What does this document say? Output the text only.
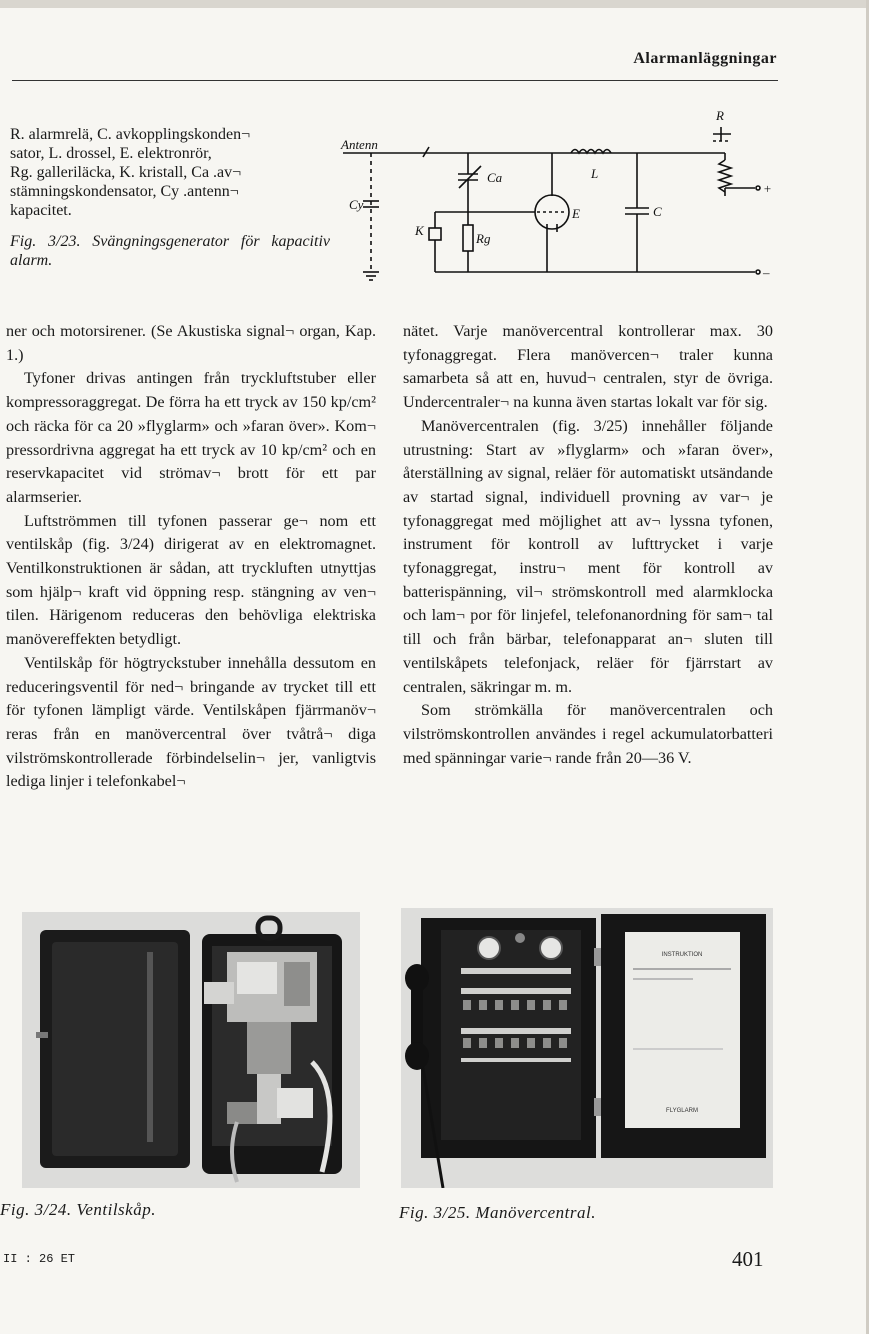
Alarmanläggningar

R. alarmrelä, C. avkopplingskonden¬

sator, L. drossel, E. elektronrör,

Rg. galleriläcka, K. kristall, Ca .av¬

stämningskondensator, Cy .antenn¬

kapacitet.

Fig. 3/23. Svängningsgenerator för kapacitiv alarm.

Antenn
Cy
K
Ca
Rg
L
E	C
R
+
–

ner och motorsirener. (Se Akustiska signal¬ organ, Kap. 1.)

Tyfoner drivas antingen från tryckluftstuber eller kompressoraggregat. De förra ha ett tryck av 150 kp/cm² och räcka för ca 20 »flyglarm» och »faran över». Kom¬ pressordrivna aggregat ha ett tryck av 10 kp/cm² och en reservkapacitet vid strömav¬ brott för ett par alarmserier.

Luftströmmen till tyfonen passerar ge¬ nom ett ventilskåp (fig. 3/24) dirigerat av en elektromagnet. Ventilkonstruktionen är sådan, att tryckluften utnyttjas som hjälp¬ kraft vid öppning resp. stängning av ven¬ tilen. Härigenom reduceras den behövliga elektriska manövereffekten betydligt.

Ventilskåp för högtryckstuber innehålla dessutom en reduceringsventil för ned¬ bringande av trycket till ett för tyfonen lämpligt värde. Ventilskåpen fjärrmanöv¬ reras från en manövercentral över tvåtrå¬ diga vilströmskontrollerade förbindelselin¬ jer, vanligtvis lediga linjer i telefonkabel¬

nätet. Varje manövercentral kontrollerar max. 30 tyfonaggregat. Flera manövercen¬ traler kunna samarbeta så att en, huvud¬ centralen, styr de övriga. Undercentraler¬ na kunna även startas lokalt var för sig.

Manövercentralen (fig. 3/25) innehåller följande utrustning: Start av »flyglarm» och »faran över», återställning av signal, reläer för automatiskt utsändande av startad signal, individuell provning av var¬ je tyfonaggregat med möjlighet att av¬ lyssna tyfonen, instrument för kontroll av lufttrycket i varje tyfonaggregat, instru¬ ment för kontroll av batterispänning, vil¬ strömskontroll med alarmklocka och lam¬ por för linjefel, telefonanordning för sam¬ tal till och från bärbar, telefonapparat an¬ sluten till ventilskåpets telefonjack, reläer för fjärrstart av centralen, säkringar m. m.

Som strömkälla för manövercentralen och vilströmskontrollen användes i regel ackumulatorbatteri med spänningar varie¬ rande från 20—36 V.

INSTRUKTION
FLYGLARM
Fig. 3/24. Ventilskåp.	Fig. 3/25. Manövercentral.
II : 26 ET	401
